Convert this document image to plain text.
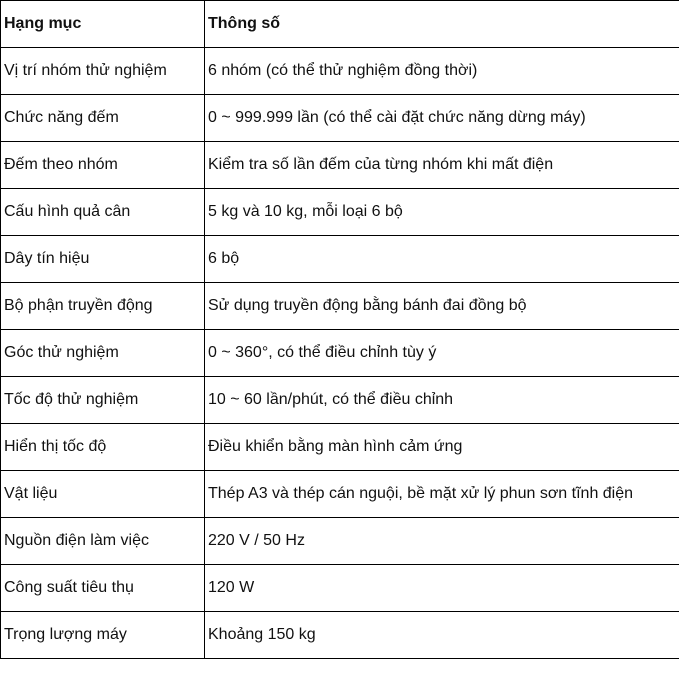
Hạng mục	Thông số
Vị trí nhóm thử nghiệm	6 nhóm (có thể thử nghiệm đồng thời)
Chức năng đếm	0 ~ 999.999 lần (có thể cài đặt chức năng dừng máy)
Đếm theo nhóm	Kiểm tra số lần đếm của từng nhóm khi mất điện
Cấu hình quả cân	5 kg và 10 kg, mỗi loại 6 bộ
Dây tín hiệu	6 bộ
Bộ phận truyền động	Sử dụng truyền động bằng bánh đai đồng bộ
Góc thử nghiệm	0 ~ 360°, có thể điều chỉnh tùy ý
Tốc độ thử nghiệm	10 ~ 60 lần/phút, có thể điều chỉnh
Hiển thị tốc độ	Điều khiển bằng màn hình cảm ứng
Vật liệu	Thép A3 và thép cán nguội, bề mặt xử lý phun sơn tĩnh điện
Nguồn điện làm việc	220 V / 50 Hz
Công suất tiêu thụ	120 W
Trọng lượng máy	Khoảng 150 kg
